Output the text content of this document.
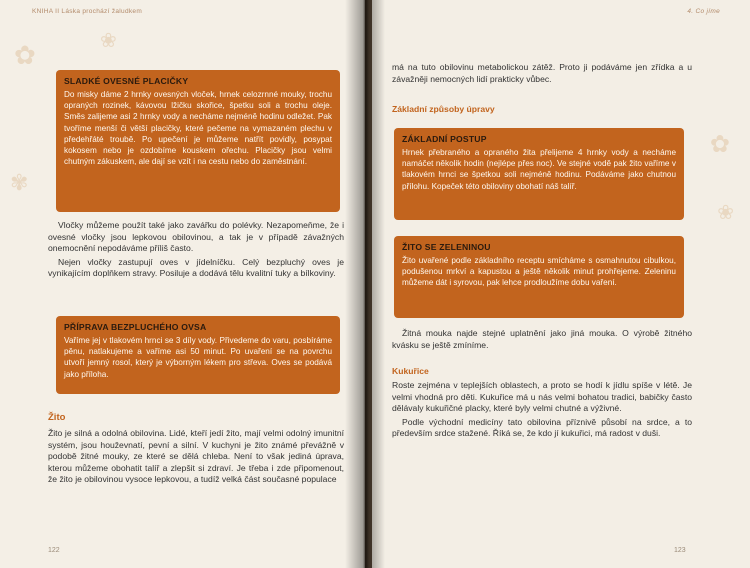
KNIHA II Láska prochází žaludkem
✿	❀
✾
SLADKÉ OVESNÉ PLACIČKY

Do misky dáme 2 hrnky ovesných vloček, hrnek celozrnné mouky, trochu opraných rozinek, kávovou lžičku skořice, špetku soli a trochu oleje. Směs zalijeme asi 2 hrnky vody a necháme nejméně hodinu odležet. Pak tvoříme menší či větší placičky, které pečeme na vymazaném plechu v předehřáté troubě. Po upečení je můžeme natřít povidly, posypat kokosem nebo je ozdobíme kouskem ořechu. Placičky jsou velmi chutným zákuskem, ale dají se vzít i na cestu nebo do zaměstnání.

Vločky můžeme použít také jako zavářku do polévky. Nezapomeňme, že i ovesné vločky jsou lepkovou obilovinou, a tak je v případě závažných onemocnění nepodáváme příliš často.

Nejen vločky zastupují oves v jídelníčku. Celý bezpluchý oves je vynikajícím doplňkem stravy. Posiluje a dodává tělu kvalitní tuky a bílkoviny.

PŘÍPRAVA BEZPLUCHÉHO OVSA

Vaříme jej v tlakovém hrnci se 3 díly vody. Přivedeme do varu, posbíráme pěnu, natlakujeme a vaříme asi 50 minut. Po uvaření se na povrchu utvoří jemný rosol, který je výborným lékem pro střeva. Oves se podává jako příloha.

Žito

Žito je silná a odolná obilovina. Lidé, kteří jedí žito, mají velmi odolný imunitní systém, jsou houževnatí, pevní a silní. V kuchyni je žito známé převážně v podobě žitné mouky, ze které se dělá chleba. Není to však jediná úprava, kterou můžeme obohatit talíř a zlepšit si zdraví. Je třeba i zde připomenout, že žito je obilovinou vysoce lepkovou, a tudíž velká část současné populace

122
4. Co jíme
✿
❀

má na tuto obilovinu metabolickou zátěž. Proto ji podáváme jen zřídka a u závažněji nemocných lidí prakticky vůbec.

Základní způsoby úpravy
ZÁKLADNÍ POSTUP

Hrnek přebraného a opraného žita přelijeme 4 hrnky vody a necháme namáčet několik hodin (nejlépe přes noc). Ve stejné vodě pak žito vaříme v tlakovém hrnci se špetkou soli nejméně hodinu. Podáváme jako chutnou přílohu. Kopeček této obiloviny obohatí náš talíř.

ŽITO SE ZELENINOU

Žito uvařené podle základního receptu smícháme s osmahnutou cibulkou, podušenou mrkví a kapustou a ještě několik minut prohřejeme. Zeleninu můžeme dát i syrovou, pak lehce prodloužíme dobu vaření.

Žitná mouka najde stejné uplatnění jako jiná mouka. O výrobě žitného kvásku se ještě zmíníme.

Kukuřice

Roste zejména v teplejších oblastech, a proto se hodí k jídlu spíše v létě. Je velmi vhodná pro děti. Kukuřice má u nás velmi bohatou tradici, babičky často dělávaly kukuřičné placky, které byly velmi chutné a výživné.

Podle východní medicíny tato obilovina příznivě působí na srdce, a to především srdce stažené. Říká se, že kdo jí kukuřici, má radost v duši.

123
